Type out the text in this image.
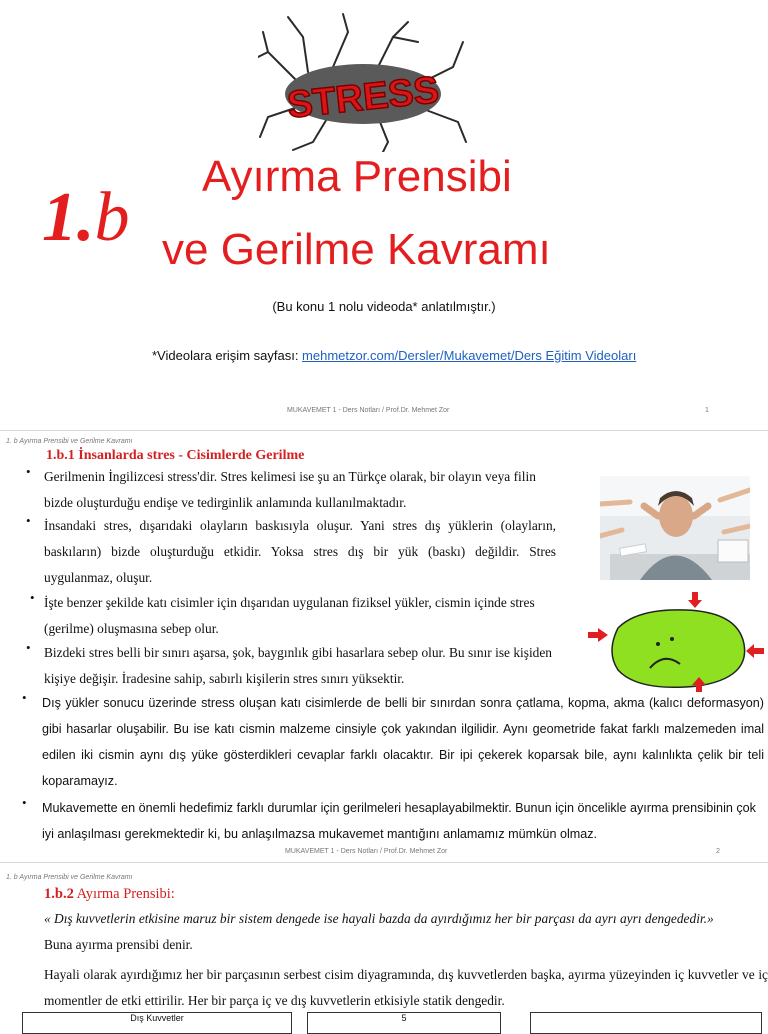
STRESS
1.b
Ayırma Prensibi
ve Gerilme Kavramı
(Bu konu 1 nolu videoda* anlatılmıştır.)
*Videolara erişim sayfası: mehmetzor.com/Dersler/Mukavemet/Ders Eğitim Videoları
MUKAVEMET 1 - Ders Notları / Prof.Dr. Mehmet Zor	1
1. b Ayırma Prensibi ve Gerilme Kavramı
1.b.1 İnsanlarda stres - Cisimlerde Gerilme
• Gerilmenin İngilizcesi stress'dir. Stres kelimesi ise şu an Türkçe olarak, bir olayın veya filin bizde oluşturduğu endişe ve tedirginlik anlamında kullanılmaktadır.
• İnsandaki stres, dışarıdaki olayların baskısıyla oluşur. Yani stres dış yüklerin (olayların, baskıların) bizde oluşturduğu etkidir. Yoksa stres dış bir yük (baskı) değildir. Stres uygulanmaz, oluşur.
• İşte benzer şekilde katı cisimler için dışarıdan uygulanan fiziksel yükler, cismin içinde stres (gerilme) oluşmasına sebep olur.
• Bizdeki stres belli bir sınırı aşarsa, şok, baygınlık gibi hasarlara sebep olur. Bu sınır ise kişiden kişiye değişir. İradesine sahip, sabırlı kişilerin stres sınırı yüksektir.
• Dış yükler sonucu üzerinde stress oluşan katı cisimlerde de belli bir sınırdan sonra çatlama, kopma, akma (kalıcı deformasyon) gibi hasarlar oluşabilir. Bu ise katı cismin malzeme cinsiyle çok yakından ilgilidir. Aynı geometride fakat farklı malzemeden imal edilen iki cismin aynı dış yüke gösterdikleri cevaplar farklı olacaktır. Bir ipi çekerek koparsak bile, aynı kalınlıkta çelik bir teli koparamayız.
• Mukavemette en önemli hedefimiz farklı durumlar için gerilmeleri hesaplayabilmektir. Bunun için öncelikle ayırma prensibinin çok iyi anlaşılması gerekmektedir ki, bu anlaşılmazsa mukavemet mantığını anlamamız mümkün olmaz.
MUKAVEMET 1 - Ders Notları / Prof.Dr. Mehmet Zor	2
1. b Ayırma Prensibi ve Gerilme Kavramı
1.b.2 Ayırma Prensibi:
« Dış kuvvetlerin etkisine maruz bir sistem dengede ise hayali bazda da ayırdığımız her bir parçası da ayrı ayrı dengededir.» Buna ayırma prensibi denir.
Hayali olarak ayırdığımız her bir parçasının serbest cisim diyagramında, dış kuvvetlerden başka, ayırma yüzeyinden iç kuvvetler ve iç momentler de etki ettirilir. Her bir parça iç ve dış kuvvetlerin etkisiyle statik dengedir.
Dış Kuvvetler	5
